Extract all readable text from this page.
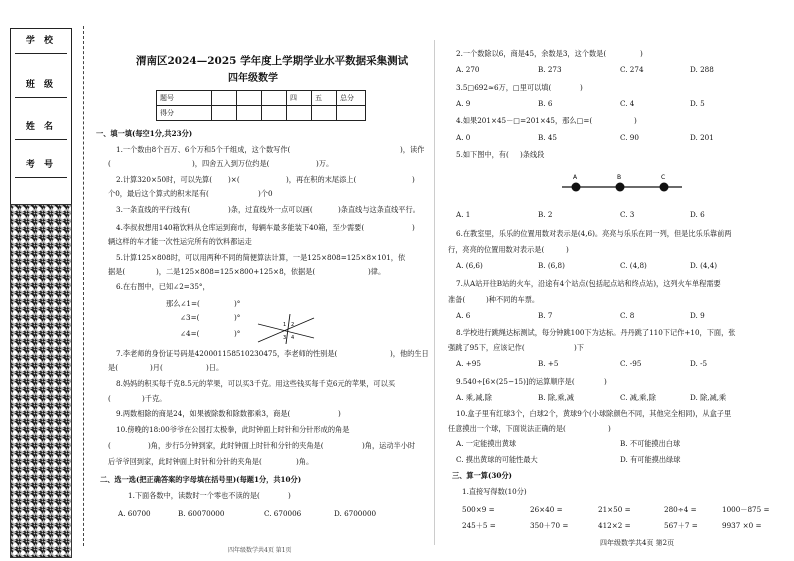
学 校
班 级
姓 名
考 号
渭南区2024—2025 学年度上学期学业水平数据采集测试
四年级数学
题号				四	五	总分
得分						
一、填一填(每空1分,共23分)
1.一个数由8个百万、6个万和5个千组成，这个数写作(	)，读作
(	)，四舍五入到万位约是(	)万。
2.计算320×50时，可以先算( )×(	)，再在积的末尾添上(	)
个0，最后这个算式的积末尾有(	)个0
3.一条直线的平行线有(	)条，过直线外一点可以画(	)条直线与这条直线平行。
4.李叔叔想用140箱饮料从仓库运到商市，每辆车最多能装下40箱，至少需要(	)
辆这样的车才能一次性运完所有的饮料都运走
5.计算125×808时，可以用两种不同的简便算法计算，一是125×808=125×8×101，依
据是(	)，二是125×808=125×800+125×8，依据是(	)律。
6.在右图中，已知∠2=35°，
那么∠1=(	)°
∠3=(	)°
∠4=(	)°
1 2
3 4
7.李老师的身份证号码是420001158510230475，李老师的性别是(	)，他的生日
是(	)月(	)日。
8.妈妈的积买每千克8.5元的苹果，可以买3千克。用这些钱买每千克6元的苹果，可以买
(	)千克。
9.两数相除的商是24，如果被除数和除数都乘3，商是(	)
10.傍晚的18:00爷爷在公园打太极拳，此时钟面上时针和分针形成的角是
(	)角，步行5分钟到家，此时钟面上时针和分针的夹角是(	)角，运动半小时
后爷爷回到家，此时钟面上时针和分针的夹角是(	)角。
二、选一选(把正确答案的字母填在括号里)(每题1分，共10分)
1.下面各数中，读数时一个零也不读的是(	)
A. 60700	B. 60070000	C. 670006	D. 6700000
四年级数学共4页 第1页
2.一个数除以6，商是45，余数是3，这个数是(	)
A. 270	B. 273	C. 274	D. 288
3.5□692≈6万，□里可以填(	)
A. 9	B. 6	C. 4	D. 5
4.如果201×45－□=201×45，那么□=(	)
A. 0	B. 45	C. 90	D. 201
5.如下图中，有( )条线段
A	B	C
A. 1	B. 2	C. 3	D. 6
6.在教室里，乐乐的位置用数对表示是(4,6)。亮亮与乐乐在同一列，但是比乐乐靠前两
行，亮亮的位置用数对表示是(	)
A. (6,6)	B. (6,8)	C. (4,8)	D. (4,4)
7.从A站开往B站的火车，沿途有4个站点(包括起点站和终点站)，这列火车单程需要
准备(	)种不同的车票。
A. 6	B. 7	C. 8	D. 9
8.学校进行跳绳达标测试，每分钟跳100下为达标。丹丹跳了110下记作+10，下面，张
强跳了95下，应该记作(	)下
A. +95	B. +5	C. -95	D. -5
9.540÷[6×(25−15)]的运算顺序是(	)
A. 乘,减,除	B. 除,乘,减	C. 减,乘,除	D. 除,减,乘
10.盒子里有红球3个，白球2个，黄球9个(小球除颜色不同，其他完全相同)，从盒子里
任意摸出一个球，下面说法正确的是(	)
A. 一定能摸出黄球	B. 不可能摸出白球
C. 摸出黄球的可能性最大	D. 有可能摸出绿球
三、算一算(30分)
1.直接写得数(10分)
500×9 =	26×40 =	21×50 =	280÷4 =	1000－875 =
245＋5 =	350＋70 =	412×2 =	567＋7 =	9937 ×0 =
四年级数学共4页 第2页
